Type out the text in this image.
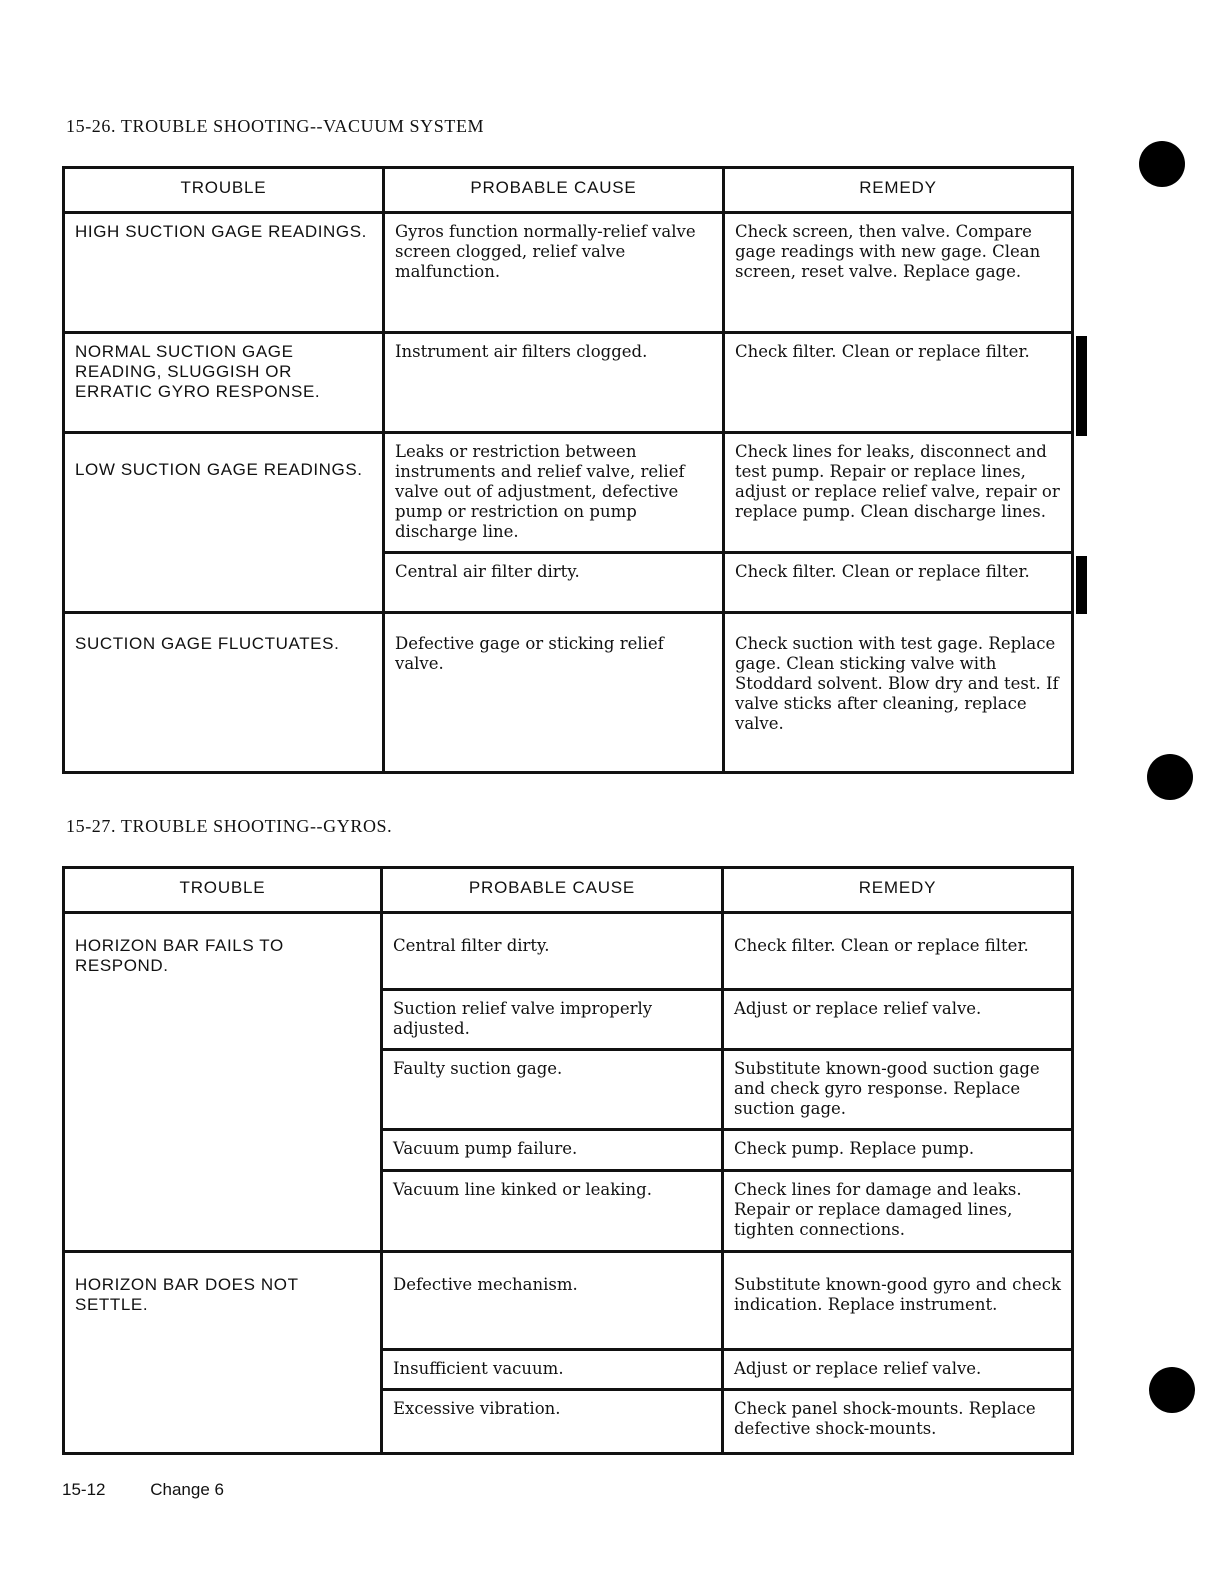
15-26. TROUBLE SHOOTING--VACUUM SYSTEM
TROUBLE	PROBABLE CAUSE	REMEDY
HIGH SUCTION GAGE READINGS.	Gyros function normally-relief valve screen clogged, relief valve malfunction.	Check screen, then valve. Compare gage readings with new gage. Clean screen, reset valve. Replace gage.
NORMAL SUCTION GAGE READING, SLUGGISH OR ERRATIC GYRO RESPONSE.	Instrument air filters clogged.	Check filter. Clean or replace filter.
LOW SUCTION GAGE READINGS.	Leaks or restriction between instruments and relief valve, relief valve out of adjustment, defective pump or restriction on pump discharge line.	Check lines for leaks, disconnect and test pump. Repair or replace lines, adjust or replace relief valve, repair or replace pump. Clean discharge lines.
	Central air filter dirty.	Check filter. Clean or replace filter.
SUCTION GAGE FLUCTUATES.	Defective gage or sticking relief valve.	Check suction with test gage. Replace gage. Clean sticking valve with Stoddard solvent. Blow dry and test. If valve sticks after cleaning, replace valve.
15-27. TROUBLE SHOOTING--GYROS.
TROUBLE	PROBABLE CAUSE	REMEDY
HORIZON BAR FAILS TO RESPOND.	Central filter dirty.	Check filter. Clean or replace filter.
	Suction relief valve improperly adjusted.	Adjust or replace relief valve.
	Faulty suction gage.	Substitute known-good suction gage and check gyro response. Replace suction gage.
	Vacuum pump failure.	Check pump. Replace pump.
	Vacuum line kinked or leaking.	Check lines for damage and leaks. Repair or replace damaged lines, tighten connections.
HORIZON BAR DOES NOT SETTLE.	Defective mechanism.	Substitute known-good gyro and check indication. Replace instrument.
	Insufficient vacuum.	Adjust or replace relief valve.
	Excessive vibration.	Check panel shock-mounts. Replace defective shock-mounts.
15-12	Change 6
